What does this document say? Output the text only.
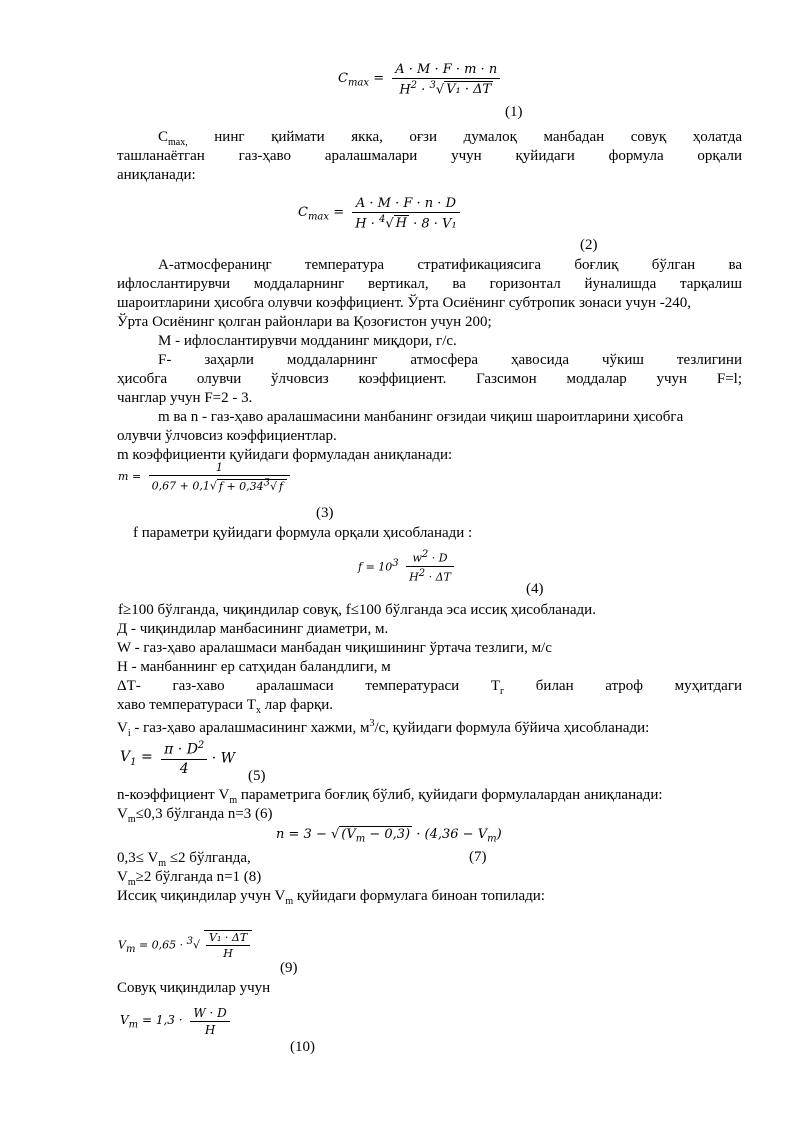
$C_{max} = \frac{A \cdot M \cdot F \cdot m \cdot n}{H^2 \cdot ^3√ V_1 \cdot \Delta T}$
(1)
$C_{max,}$ нинг қиймати якка, оғзи думалоқ манбадан совуқ ҳолатда
ташланаётган газ-ҳаво аралашмалари учун қуйидаги формула орқали
аниқланади:
$C_{max} = \frac{A \cdot M \cdot F \cdot n \cdot D}{H \cdot ^4√ H \cdot 8 \cdot V_1}$
(2)
А-атмосфераниңг температура стратификациясига боғлиқ бўлган ва
ифлослантирувчи моддаларнинг вертикал, ва горизонтал йуналишда тарқалиш
шароитларини ҳисобга олувчи коэффициент. Ўрта Осиёнинг субтропик зонаси учун -240,
Ўрта Осиёнинг қолган районлари ва Қозоғистон учун 200;
М - ифлослантирувчи модданинг миқдори, г/с.
F- заҳарли моддаларнинг атмосфера ҳавосида чўкиш тезлигини
ҳисобга олувчи ўлчовсиз коэффициент. Газсимон моддалар учун F=l;
чанглар учун F=2 - 3.
m ва n - газ-ҳаво аралашмасини манбанинг оғзидаи чиқиш шароитларини ҳисобга
олувчи ўлчовсиз коэффициентлар.
m коэффициенти қуйидаги формуладан аниқланади:
$m = \frac{1}{0,67 + 0,1√ f + 0,34^3√ f}$
(3)
f параметри қуйидаги формула орқали ҳисобланади :
$f = 10^3 \frac{w^2 \cdot D}{H^2 \cdot \Delta T}$
(4)
f≥100 бўлганда, чиқиндилар совуқ, f≤100 бўлганда эса иссиқ ҳисобланади.
Д - чиқиндилар манбасининг диаметри, м.
W - газ-ҳаво аралашмаси манбадан чиқишининг ўртача тезлиги, м/с
Н - манбаннинг ер сатҳидан баландлиги, м
ΔТ- газ-хаво аралашмаси температураси $Т_г$ билан атроф муҳитдаги
хаво температураси $Т_х$ лар фарқи.
$V_i$ - газ-ҳаво аралашмасининг хажми, $м^3/с$, қуйидаги формула бўйича ҳисобланади:
$V_1 = \frac{\pi \cdot D^2}{4} \cdot W$
(5)
n-коэффициент $V_m$ параметрига боғлиқ бўлиб, қуйидаги формулалардан аниқланади:
$V_m\le 0,3$ бўлганда n=3 (6)
n = 3 − √ $(V_m - 0,3) \cdot (4,36 - V_m)$
$0,3\le V_m \le 2$ бўлганда,	(7)
$V_m\ge 2$ бўлганда n=1 (8)
Иссиқ чиқиндилар учун $V_m$ қуйидаги формулага биноан топилади:
$V_m = 0,65 \cdot ^3√ \frac{\text{V₁ · ΔT}}{H}$
(9)
Совуқ чиқиндилар учун
$V_m = 1,3 \cdot \frac{W \cdot D}{H}$
(10)
